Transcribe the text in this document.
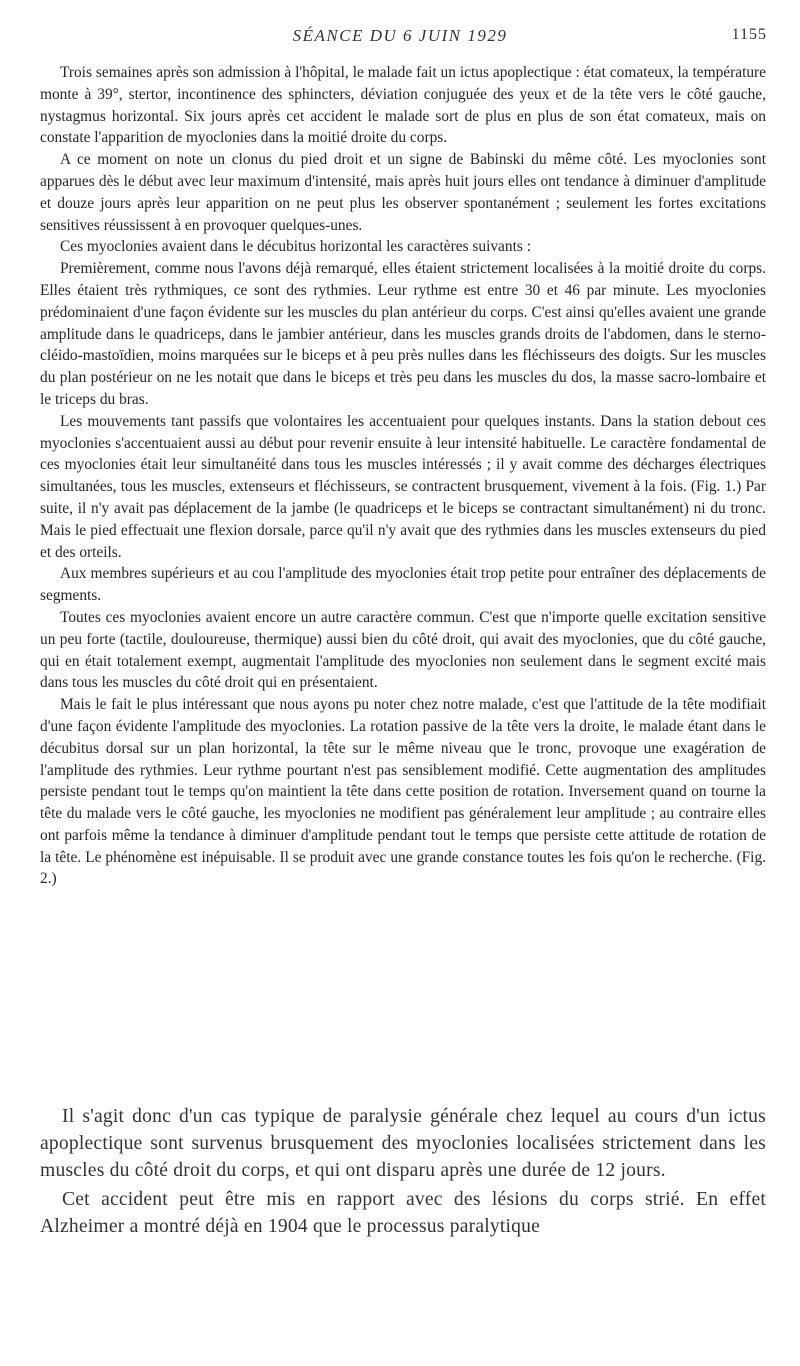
SÉANCE DU 6 JUIN 1929	1155

Trois semaines après son admission à l'hôpital, le malade fait un ictus apoplectique : état comateux, la température monte à 39°, stertor, incontinence des sphincters, déviation conjuguée des yeux et de la tête vers le côté gauche, nystagmus horizontal. Six jours après cet accident le malade sort de plus en plus de son état comateux, mais on constate l'apparition de myoclonies dans la moitié droite du corps.

A ce moment on note un clonus du pied droit et un signe de Babinski du même côté. Les myoclonies sont apparues dès le début avec leur maximum d'intensité, mais après huit jours elles ont tendance à diminuer d'amplitude et douze jours après leur apparition on ne peut plus les observer spontanément ; seulement les fortes excitations sensitives réussissent à en provoquer quelques-unes.

Ces myoclonies avaient dans le décubitus horizontal les caractères suivants :

Premièrement, comme nous l'avons déjà remarqué, elles étaient strictement localisées à la moitié droite du corps. Elles étaient très rythmiques, ce sont des rythmies. Leur rythme est entre 30 et 46 par minute. Les myoclonies prédominaient d'une façon évidente sur les muscles du plan antérieur du corps. C'est ainsi qu'elles avaient une grande amplitude dans le quadriceps, dans le jambier antérieur, dans les muscles grands droits de l'abdomen, dans le sterno-cléido-mastoïdien, moins marquées sur le biceps et à peu près nulles dans les fléchisseurs des doigts. Sur les muscles du plan postérieur on ne les notait que dans le biceps et très peu dans les muscles du dos, la masse sacro-lombaire et le triceps du bras.

Les mouvements tant passifs que volontaires les accentuaient pour quelques instants. Dans la station debout ces myoclonies s'accentuaient aussi au début pour revenir ensuite à leur intensité habituelle. Le caractère fondamental de ces myoclonies était leur simultanéité dans tous les muscles intéressés ; il y avait comme des décharges électriques simultanées, tous les muscles, extenseurs et fléchisseurs, se contractent brusquement, vivement à la fois. (Fig. 1.) Par suite, il n'y avait pas déplacement de la jambe (le quadriceps et le biceps se contractant simultanément) ni du tronc. Mais le pied effectuait une flexion dorsale, parce qu'il n'y avait que des rythmies dans les muscles extenseurs du pied et des orteils.

Aux membres supérieurs et au cou l'amplitude des myoclonies était trop petite pour entraîner des déplacements de segments.

Toutes ces myoclonies avaient encore un autre caractère commun. C'est que n'importe quelle excitation sensitive un peu forte (tactile, douloureuse, thermique) aussi bien du côté droit, qui avait des myoclonies, que du côté gauche, qui en était totalement exempt, augmentait l'amplitude des myoclonies non seulement dans le segment excité mais dans tous les muscles du côté droit qui en présentaient.

Mais le fait le plus intéressant que nous ayons pu noter chez notre malade, c'est que l'attitude de la tête modifiait d'une façon évidente l'amplitude des myoclonies. La rotation passive de la tête vers la droite, le malade étant dans le décubitus dorsal sur un plan horizontal, la tête sur le même niveau que le tronc, provoque une exagération de l'amplitude des rythmies. Leur rythme pourtant n'est pas sensiblement modifié. Cette augmentation des amplitudes persiste pendant tout le temps qu'on maintient la tête dans cette position de rotation. Inversement quand on tourne la tête du malade vers le côté gauche, les myoclonies ne modifient pas généralement leur amplitude ; au contraire elles ont parfois même la tendance à diminuer d'amplitude pendant tout le temps que persiste cette attitude de rotation de la tête. Le phénomène est inépuisable. Il se produit avec une grande constance toutes les fois qu'on le recherche. (Fig. 2.)

Il s'agit donc d'un cas typique de paralysie générale chez lequel au cours d'un ictus apoplectique sont survenus brusquement des myoclonies localisées strictement dans les muscles du côté droit du corps, et qui ont disparu après une durée de 12 jours.

Cet accident peut être mis en rapport avec des lésions du corps strié. En effet Alzheimer a montré déjà en 1904 que le processus paralytique
